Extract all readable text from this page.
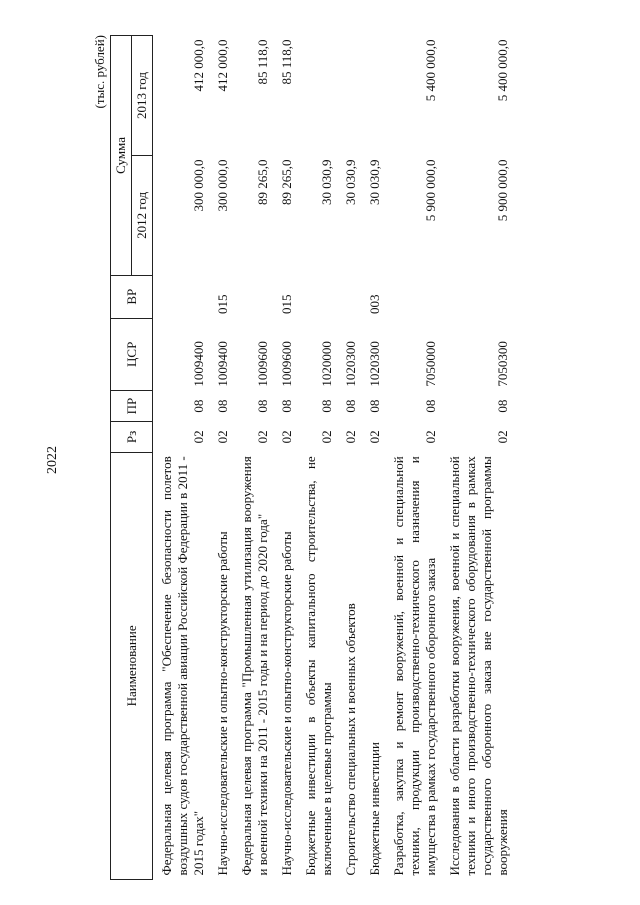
2022
(тыс. рублей)
Наименование	Рз	ПР	ЦСР	ВР	Сумма	
					2012 год	2013 год
Федеральная целевая программа "Обеспечение безопасности полетов воздушных судов государственной авиации Российской Федерации в 2011 - 2015 годах"	02	08	1009400		300 000,0	412 000,0
Научно-исследовательские и опытно-конструкторские работы	02	08	1009400	015	300 000,0	412 000,0
Федеральная целевая программа "Промышленная утилизация вооружения и военной техники на 2011 - 2015 годы и на период до 2020 года"	02	08	1009600		89 265,0	85 118,0
Научно-исследовательские и опытно-конструкторские работы	02	08	1009600	015	89 265,0	85 118,0
Бюджетные инвестиции в объекты капитального строительства, не включенные в целевые программы	02	08	1020000		30 030,9	
Строительство специальных и военных объектов	02	08	1020300		30 030,9	
Бюджетные инвестиции	02	08	1020300	003	30 030,9	
Разработка, закупка и ремонт вооружений, военной и специальной техники, продукции производственно-технического назначения и имущества в рамках государственного оборонного заказа	02	08	7050000		5 900 000,0	5 400 000,0
Исследования в области разработки вооружения, военной и специальной техники и иного производственно-технического оборудования в рамках государственного оборонного заказа вне государственной программы вооружения	02	08	7050300		5 900 000,0	5 400 000,0
